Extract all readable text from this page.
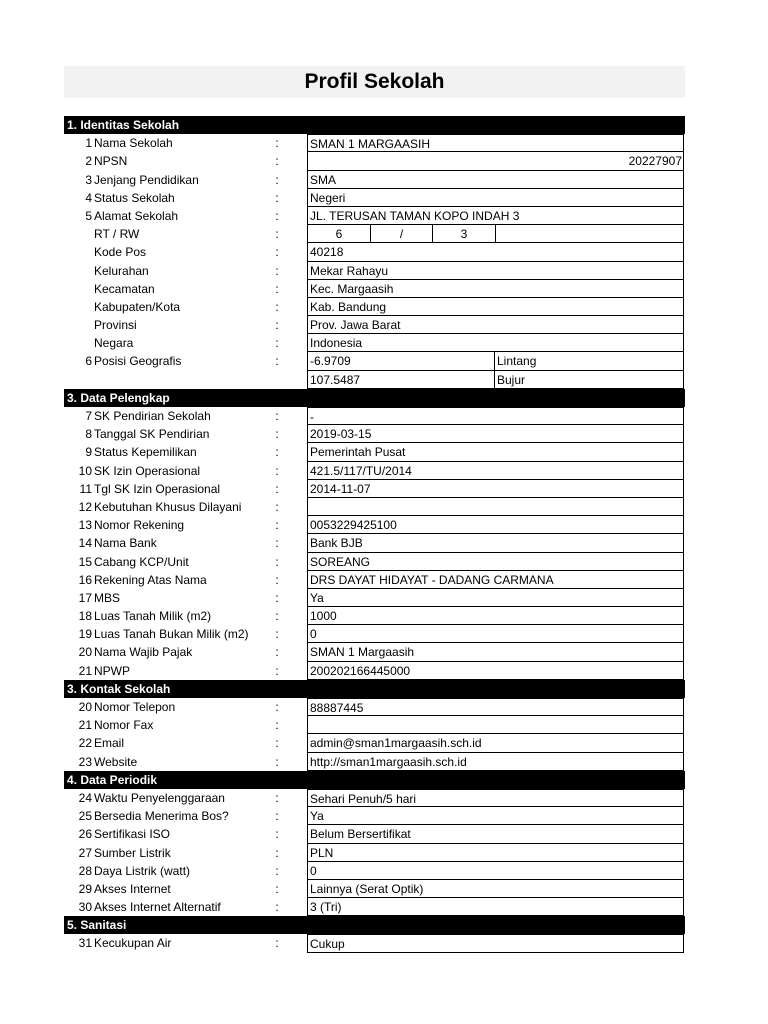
Profil Sekolah
1. Identitas Sekolah
1 Nama Sekolah	:	SMAN 1 MARGAASIH
2 NPSN	:	20227907
3 Jenjang Pendidikan	:	SMA
4 Status Sekolah	:	Negeri
5 Alamat Sekolah	:	JL. TERUSAN TAMAN KOPO INDAH 3
RT / RW	:	6	/	3
Kode Pos	:	40218
Kelurahan	:	Mekar Rahayu
Kecamatan	:	Kec. Margaasih
Kabupaten/Kota	:	Kab. Bandung
Provinsi	:	Prov. Jawa Barat
Negara	:	Indonesia
6 Posisi Geografis	:	-6.9709	Lintang
107.5487	Bujur
3. Data Pelengkap
7 SK Pendirian Sekolah	:	-
8 Tanggal SK Pendirian	:	2019-03-15
9 Status Kepemilikan	:	Pemerintah Pusat
10 SK Izin Operasional	:	421.5/117/TU/2014
11 Tgl SK Izin Operasional	:	2014-11-07
12 Kebutuhan Khusus Dilayani	:
13 Nomor Rekening	:	0053229425100
14 Nama Bank	:	Bank BJB
15 Cabang KCP/Unit	:	SOREANG
16 Rekening Atas Nama	:	DRS DAYAT HIDAYAT - DADANG CARMANA
17 MBS	:	Ya
18 Luas Tanah Milik (m2)	:	1000
19 Luas Tanah Bukan Milik (m2) :	0
20 Nama Wajib Pajak	:	SMAN 1 Margaasih
21 NPWP	:	200202166445000
3. Kontak Sekolah
20 Nomor Telepon	:	88887445
21 Nomor Fax	:
22 Email	:	admin@sman1margaasih.sch.id
23 Website	:	http://sman1margaasih.sch.id
4. Data Periodik
24 Waktu Penyelenggaraan	:	Sehari Penuh/5 hari
25 Bersedia Menerima Bos?	:	Ya
26 Sertifikasi ISO	:	Belum Bersertifikat
27 Sumber Listrik	:	PLN
28 Daya Listrik (watt)	:	0
29 Akses Internet	:	Lainnya (Serat Optik)
30 Akses Internet Alternatif	:	3 (Tri)
5. Sanitasi
31 Kecukupan Air	:	Cukup
